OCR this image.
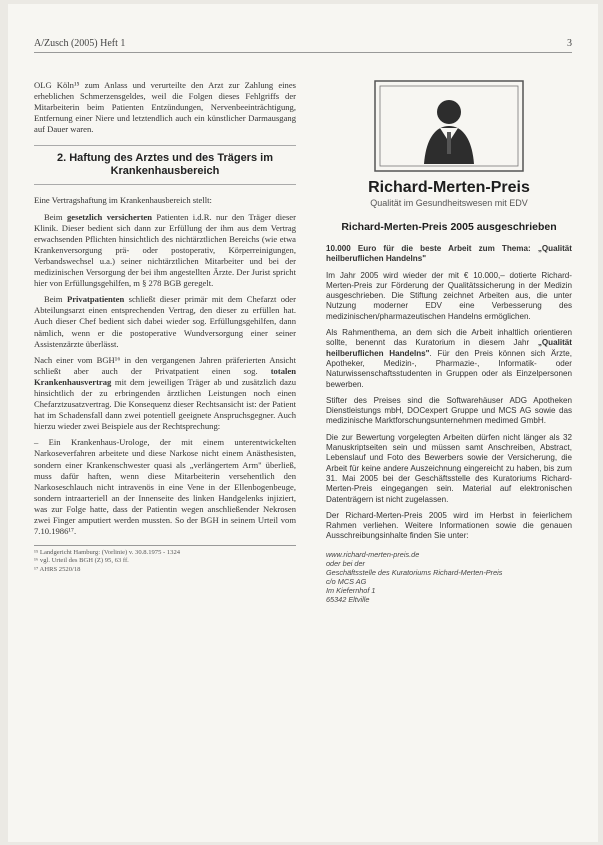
A/Zusch (2005) Heft 1	3

OLG Köln¹⁵ zum Anlass und verurteilte den Arzt zur Zahlung eines erheblichen Schmerzensgeldes, weil die Folgen dieses Fehlgriffs der Mitarbeiterin beim Patienten Entzündungen, Nervenbeeinträchtigung, Entfernung einer Niere und letztendlich auch ein künstlicher Darmausgang auf Dauer waren.

2. Haftung des Arztes und des Trägers im Krankenhausbereich

Eine Vertragshaftung im Krankenhausbereich stellt:

Beim gesetzlich versicherten Patienten i.d.R. nur den Träger dieser Klinik. Dieser bedient sich dann zur Erfüllung der ihm aus dem Vertrag erwachsenden Pflichten hinsichtlich des nichtärztlichen Bereichs (wie etwa Krankenversorgung prä- oder postoperativ, Körperreinigungen, Verbandswechsel u.a.) seiner nichtärztlichen Mitarbeiter und bei der medizinischen Versorgung der bei ihm angestellten Ärzte. Der Jurist spricht hier von Erfüllungsgehilfen, m § 278 BGB geregelt.

Beim Privatpatienten schließt dieser primär mit dem Chefarzt oder Abteilungsarzt einen entsprechenden Vertrag, den dieser zu erfüllen hat. Auch dieser Chef bedient sich dabei wieder sog. Erfüllungsgehilfen, dann nämlich, wenn er die postoperative Wundversorgung einer seiner Assistenzärzte überlässt.

Nach einer vom BGH¹⁶ in den vergangenen Jahren präferierten Ansicht schließt aber auch der Privatpatient einen sog. totalen Krankenhausvertrag mit dem jeweiligen Träger ab und zusätzlich dazu hinsichtlich der zu erbringenden ärztlichen Leistungen noch einen Chefarztzusatzvertrag. Die Konsequenz dieser Rechtsansicht ist: der Patient hat im Schadensfall dann zwei potentiell geeignete Anspruchsgegner. Auch hierzu wieder zwei Beispiele aus der Rechtsprechung:

– Ein Krankenhaus-Urologe, der mit einem unterentwickelten Narkoseverfahren arbeitete und diese Narkose nicht einem Anästhesisten, sondern einer Krankenschwester quasi als „verlängertem Arm" überließ, muss dafür haften, wenn diese Mitarbeiterin versehentlich den Narkoseschlauch nicht intravenös in eine Vene in der Ellenbogenbeuge, sondern intraarteriell an der Innenseite des linken Handgelenks injiziert, was zur Folge hatte, dass der Patientin wegen anschließender Nekrosen zwei Finger amputiert werden mussten. So der BGH in seinem Urteil vom 7.10.1986¹⁷.

¹⁵ Landgericht Hamburg: (Vorlinie) v. 30.8.1975 - 1324
¹⁶ vgl. Urteil des BGH (Z) 95, 63 ff.
¹⁷ AHRS 2520/18
Richard-Merten-Preis
Qualität im Gesundheitswesen mit EDV
Richard-Merten-Preis 2005 ausgeschrieben

10.000 Euro für die beste Arbeit zum Thema: „Qualität heilberuflichen Handelns"

Im Jahr 2005 wird wieder der mit € 10.000,– dotierte Richard-Merten-Preis zur Förderung der Qualitätssicherung in der Medizin ausgeschrieben. Die Stiftung zeichnet Arbeiten aus, die unter Nutzung moderner EDV eine Verbesserung des medizinischen/pharmazeutischen Handelns ermöglichen.

Als Rahmenthema, an dem sich die Arbeit inhaltlich orientieren sollte, benennt das Kuratorium in diesem Jahr „Qualität heilberuflichen Handelns". Für den Preis können sich Ärzte, Apotheker, Medizin-, Pharmazie-, Informatik- oder Naturwissenschaftsstudenten in Gruppen oder als Einzelpersonen bewerben.

Stifter des Preises sind die Softwarehäuser ADG Apotheken Dienstleistungs mbH, DOCexpert Gruppe und MCS AG sowie das medizinische Marktforschungsunternehmen medimed GmbH.

Die zur Bewertung vorgelegten Arbeiten dürfen nicht länger als 32 Manuskriptseiten sein und müssen samt Anschreiben, Abstract, Lebenslauf und Foto des Bewerbers sowie der Versicherung, die Arbeit für keine andere Auszeichnung eingereicht zu haben, bis zum 31. Mai 2005 bei der Geschäftsstelle des Kuratoriums Richard-Merten-Preis eingegangen sein. Material auf elektronischen Datenträgern ist nicht zugelassen.

Der Richard-Merten-Preis 2005 wird im Herbst in feierlichem Rahmen verliehen. Weitere Informationen sowie die genauen Ausschreibungsinhalte finden Sie unter:

www.richard-merten-preis.de
oder bei der
Geschäftsstelle des Kuratoriums Richard-Merten-Preis
c/o MCS AG
Im Kiefernhof 1
65342 Eltville
